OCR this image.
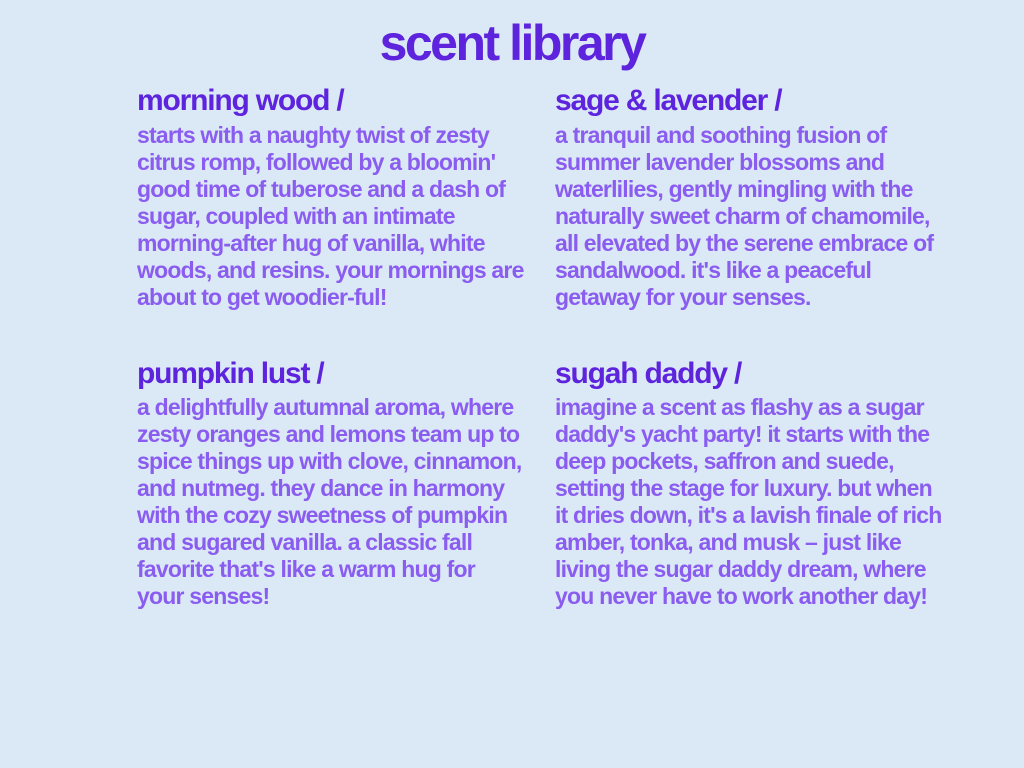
scent library
morning wood /

starts with a naughty twist of zesty citrus romp, followed by a bloomin' good time of tuberose and a dash of sugar, coupled with an intimate morning-after hug of vanilla, white woods, and resins. your mornings are about to get woodier-ful!

sage & lavender /

a tranquil and soothing fusion of summer lavender blossoms and waterlilies, gently mingling with the naturally sweet charm of chamomile, all elevated by the serene embrace of sandalwood. it's like a peaceful getaway for your senses.

pumpkin lust /

a delightfully autumnal aroma, where zesty oranges and lemons team up to spice things up with clove, cinnamon, and nutmeg. they dance in harmony with the cozy sweetness of pumpkin and sugared vanilla. a classic fall favorite that's like a warm hug for your senses!

sugah daddy /

imagine a scent as flashy as a sugar daddy's yacht party! it starts with the deep pockets, saffron and suede, setting the stage for luxury. but when it dries down, it's a lavish finale of rich amber, tonka, and musk – just like living the sugar daddy dream, where you never have to work another day!
